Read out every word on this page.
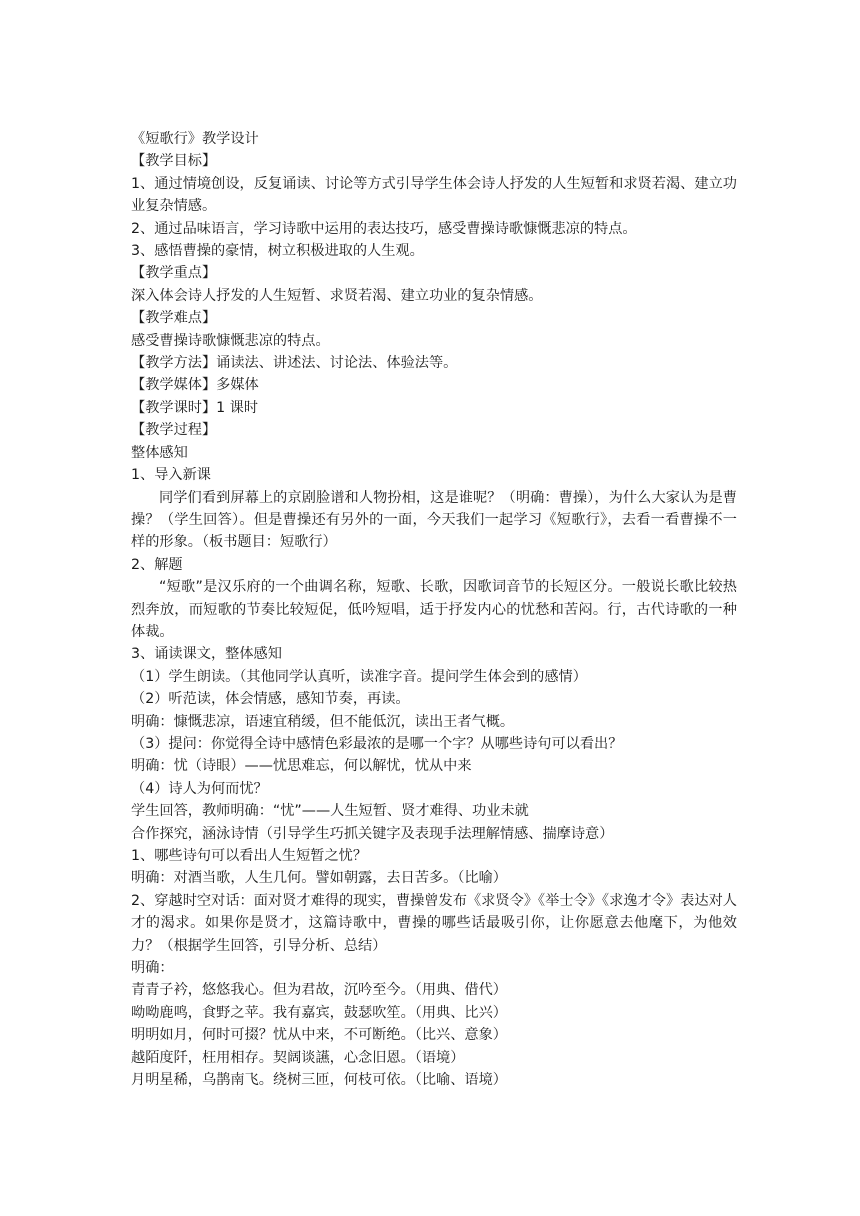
《短歌行》教学设计

【教学目标】

1、通过情境创设，反复诵读、讨论等方式引导学生体会诗人抒发的人生短暂和求贤若渴、建立功业复杂情感。

2、通过品味语言，学习诗歌中运用的表达技巧，感受曹操诗歌慷慨悲凉的特点。

3、感悟曹操的豪情，树立积极进取的人生观。

【教学重点】

深入体会诗人抒发的人生短暂、求贤若渴、建立功业的复杂情感。

【教学难点】

感受曹操诗歌慷慨悲凉的特点。

【教学方法】诵读法、讲述法、讨论法、体验法等。

【教学媒体】多媒体

【教学课时】1 课时

【教学过程】

整体感知

1、导入新课

同学们看到屏幕上的京剧脸谱和人物扮相，这是谁呢？（明确：曹操），为什么大家认为是曹操？（学生回答）。但是曹操还有另外的一面，今天我们一起学习《短歌行》，去看一看曹操不一样的形象。（板书题目：短歌行）

2、解题

“短歌”是汉乐府的一个曲调名称，短歌、长歌，因歌词音节的长短区分。一般说长歌比较热烈奔放，而短歌的节奏比较短促，低吟短唱，适于抒发内心的忧愁和苦闷。行，古代诗歌的一种体裁。

3、诵读课文，整体感知

（1）学生朗读。（其他同学认真听，读准字音。提问学生体会到的感情）

（2）听范读，体会情感，感知节奏，再读。

明确：慷慨悲凉，语速宜稍缓，但不能低沉，读出王者气概。

（3）提问：你觉得全诗中感情色彩最浓的是哪一个字？从哪些诗句可以看出？

明确：忧（诗眼）——忧思难忘，何以解忧，忧从中来

（4）诗人为何而忧？

学生回答，教师明确：“忧”——人生短暂、贤才难得、功业未就

合作探究，涵泳诗情（引导学生巧抓关键字及表现手法理解情感、揣摩诗意）

1、哪些诗句可以看出人生短暂之忧？

明确：对酒当歌，人生几何。譬如朝露，去日苦多。（比喻）

2、穿越时空对话：面对贤才难得的现实，曹操曾发布《求贤令》《举士令》《求逸才令》表达对人才的渴求。如果你是贤才，这篇诗歌中，曹操的哪些话最吸引你，让你愿意去他麾下，为他效力？（根据学生回答，引导分析、总结）

明确：

青青子衿，悠悠我心。但为君故，沉吟至今。（用典、借代）

呦呦鹿鸣，食野之苹。我有嘉宾，鼓瑟吹笙。（用典、比兴）

明明如月，何时可掇？忧从中来，不可断绝。（比兴、意象）

越陌度阡，枉用相存。契阔谈讌，心念旧恩。（语境）

月明星稀，乌鹊南飞。绕树三匝，何枝可依。（比喻、语境）
